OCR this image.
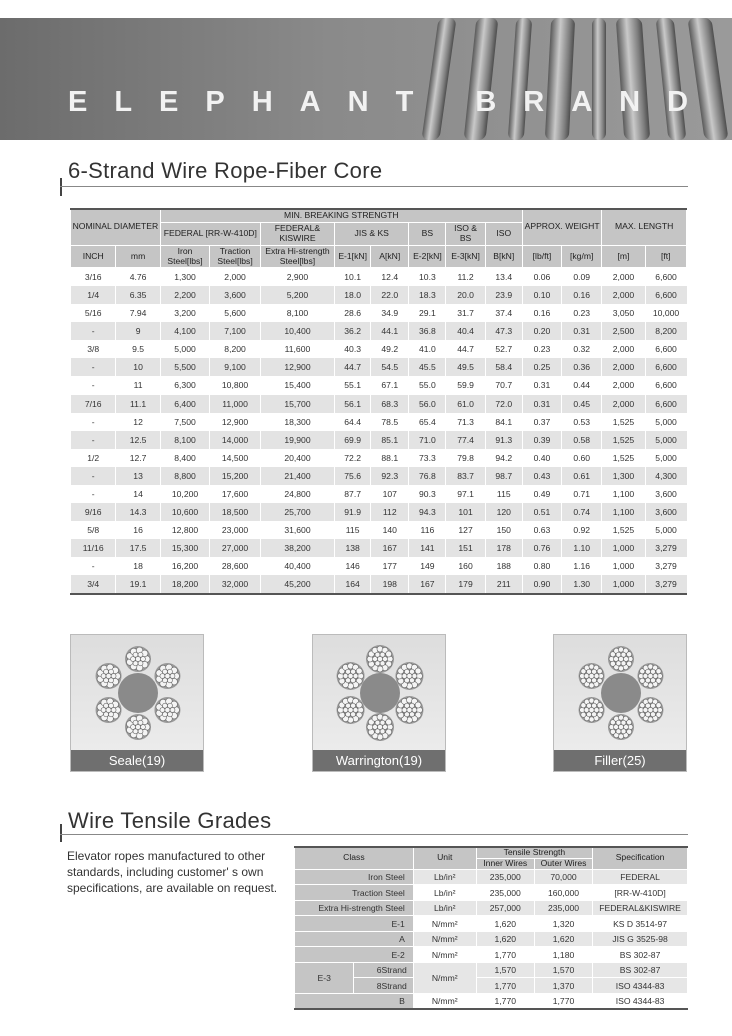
ELEPHANT BRAND
6-Strand Wire Rope-Fiber Core
NOMINAL DIAMETER		MIN. BREAKING STRENGTH								APPROX. WEIGHT		MAX. LENGTH	
		FEDERAL [RR-W-410D]		FEDERAL& KISWIRE	JIS & KS		BS	ISO & BS	ISO				
INCH	mm	Iron Steel[lbs]	Traction Steel[lbs]	Extra Hi-strength Steel[lbs]	E-1[kN]	A[kN]	E-2[kN]	E-3[kN]	B[kN]	[lb/ft]	[kg/m]	[m]	[ft]
3/16	4.76	1,300	2,000	2,900	10.1	12.4	10.3	11.2	13.4	0.06	0.09	2,000	6,600
1/4	6.35	2,200	3,600	5,200	18.0	22.0	18.3	20.0	23.9	0.10	0.16	2,000	6,600
5/16	7.94	3,200	5,600	8,100	28.6	34.9	29.1	31.7	37.4	0.16	0.23	3,050	10,000
-	9	4,100	7,100	10,400	36.2	44.1	36.8	40.4	47.3	0.20	0.31	2,500	8,200
3/8	9.5	5,000	8,200	11,600	40.3	49.2	41.0	44.7	52.7	0.23	0.32	2,000	6,600
-	10	5,500	9,100	12,900	44.7	54.5	45.5	49.5	58.4	0.25	0.36	2,000	6,600
-	11	6,300	10,800	15,400	55.1	67.1	55.0	59.9	70.7	0.31	0.44	2,000	6,600
7/16	11.1	6,400	11,000	15,700	56.1	68.3	56.0	61.0	72.0	0.31	0.45	2,000	6,600
-	12	7,500	12,900	18,300	64.4	78.5	65.4	71.3	84.1	0.37	0.53	1,525	5,000
-	12.5	8,100	14,000	19,900	69.9	85.1	71.0	77.4	91.3	0.39	0.58	1,525	5,000
1/2	12.7	8,400	14,500	20,400	72.2	88.1	73.3	79.8	94.2	0.40	0.60	1,525	5,000
-	13	8,800	15,200	21,400	75.6	92.3	76.8	83.7	98.7	0.43	0.61	1,300	4,300
-	14	10,200	17,600	24,800	87.7	107	90.3	97.1	115	0.49	0.71	1,100	3,600
9/16	14.3	10,600	18,500	25,700	91.9	112	94.3	101	120	0.51	0.74	1,100	3,600
5/8	16	12,800	23,000	31,600	115	140	116	127	150	0.63	0.92	1,525	5,000
11/16	17.5	15,300	27,000	38,200	138	167	141	151	178	0.76	1.10	1,000	3,279
-	18	16,200	28,600	40,400	146	177	149	160	188	0.80	1.16	1,000	3,279
3/4	19.1	18,200	32,000	45,200	164	198	167	179	211	0.90	1.30	1,000	3,279
Seale(19)	Warrington(19)	Filler(25)
Wire Tensile Grades
Elevator ropes manufactured to other standards, including customer' s own specifications, are available on request.
Class		Unit	Tensile Strength		Specification
			Inner Wires	Outer Wires	
Iron Steel		Lb/in²	235,000	70,000	FEDERAL
Traction Steel		Lb/in²	235,000	160,000	[RR-W-410D]
Extra Hi-strength Steel		Lb/in²	257,000	235,000	FEDERAL&KISWIRE
E-1		N/mm²	1,620	1,320	KS D 3514-97
A		N/mm²	1,620	1,620	JIS G 3525-98
E-2		N/mm²	1,770	1,180	BS 302-87
E-3	6Strand	N/mm²	1,570	1,570	BS 302-87
	8Strand		1,770	1,370	ISO 4344-83
B		N/mm²	1,770	1,770	ISO 4344-83
